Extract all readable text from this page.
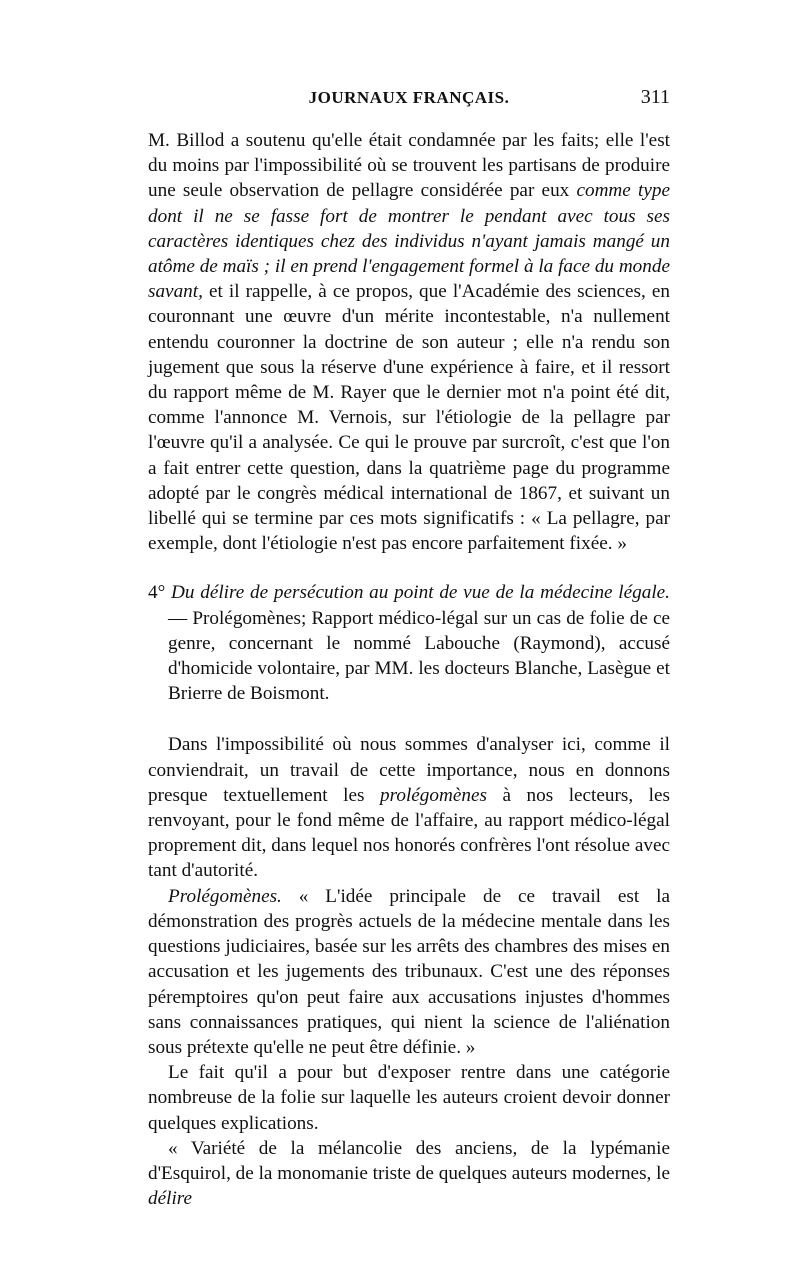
JOURNAUX FRANÇAIS.	311

M. Billod a soutenu qu'elle était condamnée par les faits; elle l'est du moins par l'impossibilité où se trouvent les partisans de produire une seule observation de pellagre considérée par eux comme type dont il ne se fasse fort de montrer le pendant avec tous ses caractères identiques chez des individus n'ayant jamais mangé un atôme de maïs ; il en prend l'engagement formel à la face du monde savant, et il rappelle, à ce propos, que l'Académie des sciences, en couronnant une œuvre d'un mérite incontestable, n'a nullement entendu couronner la doctrine de son auteur ; elle n'a rendu son jugement que sous la réserve d'une expérience à faire, et il ressort du rapport même de M. Rayer que le dernier mot n'a point été dit, comme l'annonce M. Vernois, sur l'étiologie de la pellagre par l'œuvre qu'il a analysée. Ce qui le prouve par surcroît, c'est que l'on a fait entrer cette question, dans la quatrième page du programme adopté par le congrès médical international de 1867, et suivant un libellé qui se termine par ces mots significatifs : « La pellagre, par exemple, dont l'étiologie n'est pas encore parfaitement fixée. »

4° Du délire de persécution au point de vue de la médecine légale. — Prolégomènes; Rapport médico-légal sur un cas de folie de ce genre, concernant le nommé Labouche (Raymond), accusé d'homicide volontaire, par MM. les docteurs Blanche, Lasègue et Brierre de Boismont.

Dans l'impossibilité où nous sommes d'analyser ici, comme il conviendrait, un travail de cette importance, nous en donnons presque textuellement les prolégomènes à nos lecteurs, les renvoyant, pour le fond même de l'affaire, au rapport médico-légal proprement dit, dans lequel nos honorés confrères l'ont résolue avec tant d'autorité.

Prolégomènes. « L'idée principale de ce travail est la démonstration des progrès actuels de la médecine mentale dans les questions judiciaires, basée sur les arrêts des chambres des mises en accusation et les jugements des tribunaux. C'est une des réponses péremptoires qu'on peut faire aux accusations injustes d'hommes sans connaissances pratiques, qui nient la science de l'aliénation sous prétexte qu'elle ne peut être définie. »

Le fait qu'il a pour but d'exposer rentre dans une catégorie nombreuse de la folie sur laquelle les auteurs croient devoir donner quelques explications.

« Variété de la mélancolie des anciens, de la lypémanie d'Esquirol, de la monomanie triste de quelques auteurs modernes, le délire
